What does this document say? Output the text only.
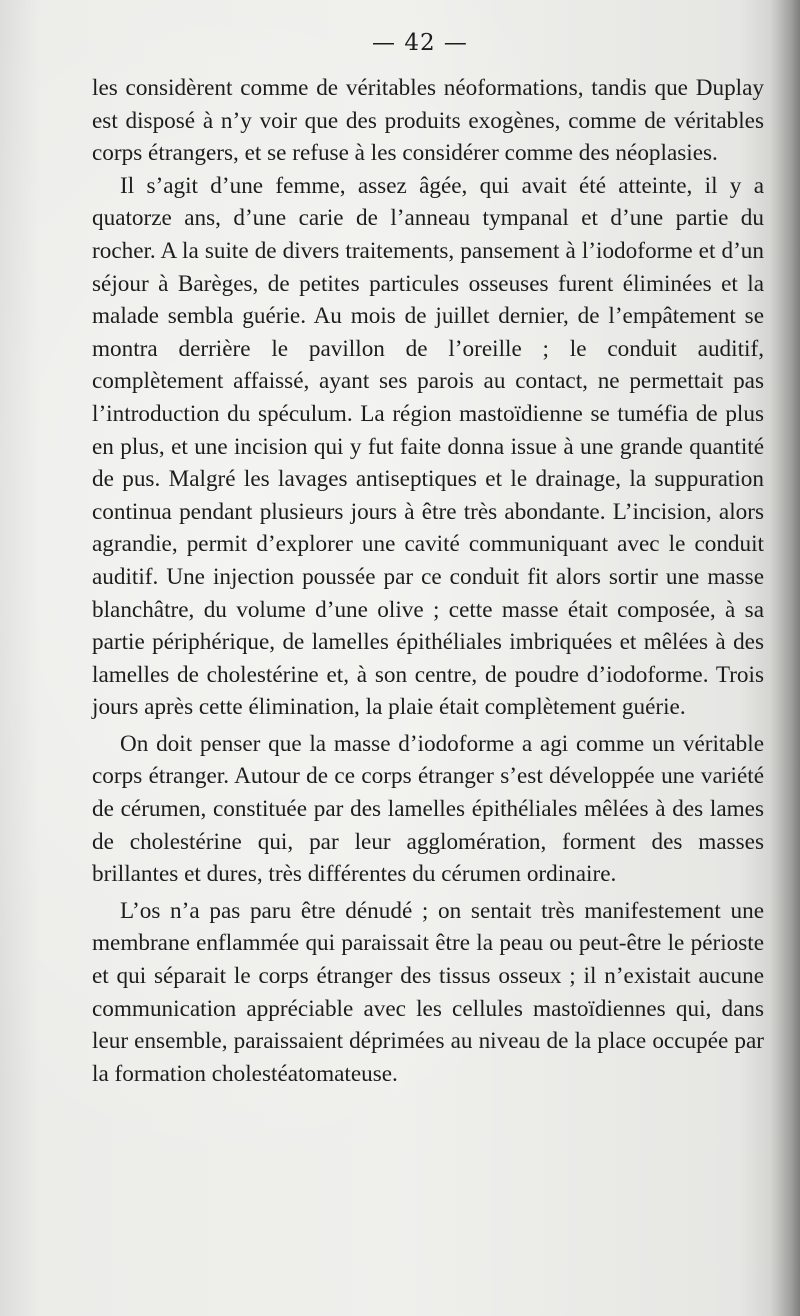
— 42 —

les considèrent comme de véritables néoformations, tandis que Duplay est disposé à n’y voir que des produits exogènes, comme de véritables corps étrangers, et se refuse à les considérer comme des néoplasies.

Il s’agit d’une femme, assez âgée, qui avait été atteinte, il y a quatorze ans, d’une carie de l’anneau tympanal et d’une partie du rocher. A la suite de divers traitements, pansement à l’iodoforme et d’un séjour à Barèges, de petites particules osseuses furent éliminées et la malade sembla guérie. Au mois de juillet dernier, de l’empâtement se montra derrière le pavillon de l’oreille ; le conduit auditif, complètement affaissé, ayant ses parois au contact, ne permettait pas l’introduction du spéculum. La région mastoïdienne se tuméfia de plus en plus, et une incision qui y fut faite donna issue à une grande quantité de pus. Malgré les lavages antiseptiques et le drainage, la suppuration continua pendant plusieurs jours à être très abondante. L’incision, alors agrandie, permit d’explorer une cavité communiquant avec le conduit auditif. Une injection poussée par ce conduit fit alors sortir une masse blanchâtre, du volume d’une olive ; cette masse était composée, à sa partie périphérique, de lamelles épithéliales imbriquées et mêlées à des lamelles de cholestérine et, à son centre, de poudre d’iodoforme. Trois jours après cette élimination, la plaie était complètement guérie.

On doit penser que la masse d’iodoforme a agi comme un véritable corps étranger. Autour de ce corps étranger s’est développée une variété de cérumen, constituée par des lamelles épithéliales mêlées à des lames de cholestérine qui, par leur agglomération, forment des masses brillantes et dures, très différentes du cérumen ordinaire.

L’os n’a pas paru être dénudé ; on sentait très manifestement une membrane enflammée qui paraissait être la peau ou peut-être le périoste et qui séparait le corps étranger des tissus osseux ; il n’existait aucune communication appréciable avec les cellules mastoïdiennes qui, dans leur ensemble, paraissaient déprimées au niveau de la place occupée par la formation cholestéatomateuse.
